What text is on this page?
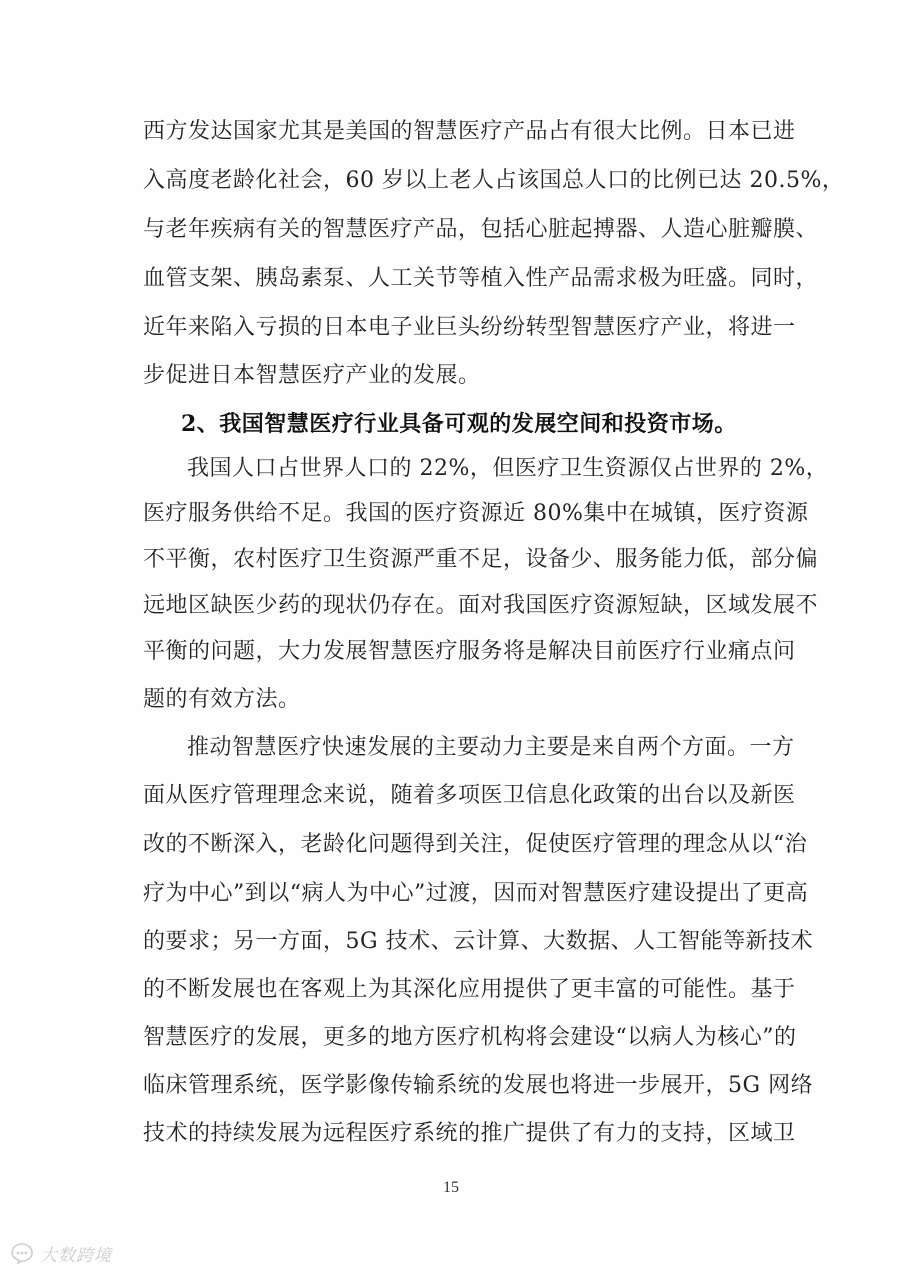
西方发达国家尤其是美国的智慧医疗产品占有很大比例。日本已进
入高度老龄化社会，60 岁以上老人占该国总人口的比例已达 20.5%，
与老年疾病有关的智慧医疗产品，包括心脏起搏器、人造心脏瓣膜、
血管支架、胰岛素泵、人工关节等植入性产品需求极为旺盛。同时，
近年来陷入亏损的日本电子业巨头纷纷转型智慧医疗产业，将进一
步促进日本智慧医疗产业的发展。
2、我国智慧医疗行业具备可观的发展空间和投资市场。
我国人口占世界人口的 22%，但医疗卫生资源仅占世界的 2%，
医疗服务供给不足。我国的医疗资源近 80%集中在城镇，医疗资源
不平衡，农村医疗卫生资源严重不足，设备少、服务能力低，部分偏
远地区缺医少药的现状仍存在。面对我国医疗资源短缺，区域发展不
平衡的问题，大力发展智慧医疗服务将是解决目前医疗行业痛点问
题的有效方法。
推动智慧医疗快速发展的主要动力主要是来自两个方面。一方
面从医疗管理理念来说，随着多项医卫信息化政策的出台以及新医
改的不断深入，老龄化问题得到关注，促使医疗管理的理念从以“治
疗为中心”到以“病人为中心”过渡，因而对智慧医疗建设提出了更高
的要求；另一方面，5G 技术、云计算、大数据、人工智能等新技术
的不断发展也在客观上为其深化应用提供了更丰富的可能性。基于
智慧医疗的发展，更多的地方医疗机构将会建设“以病人为核心”的
临床管理系统，医学影像传输系统的发展也将进一步展开，5G 网络
技术的持续发展为远程医疗系统的推广提供了有力的支持，区域卫
15
大数跨境
